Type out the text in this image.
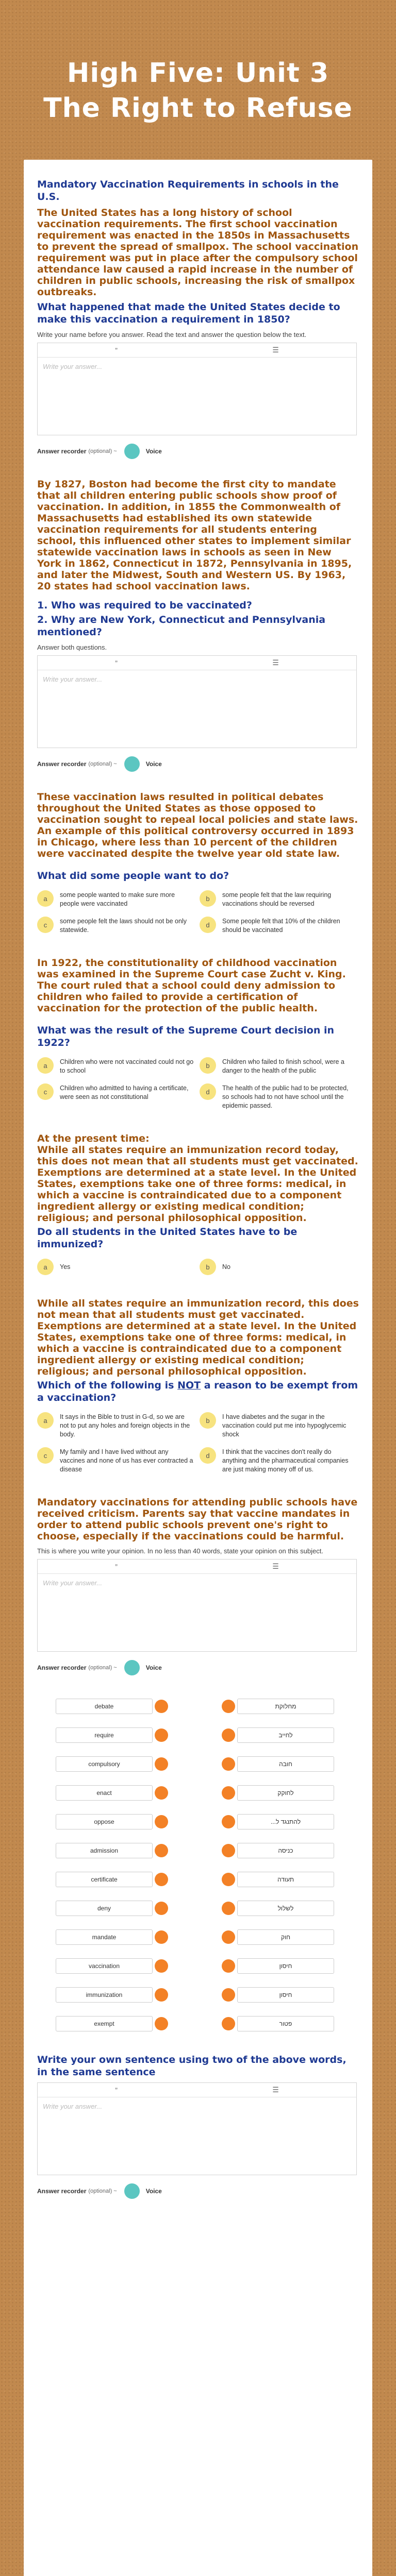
High Five: Unit 3
The Right to Refuse
Mandatory Vaccination Requirements in schools in the U.S.

The United States has a long history of school vaccination requirements. The first school vaccination requirement was enacted in the 1850s in Massachusetts to prevent the spread of smallpox. The school vaccination requirement was put in place after the compulsory school attendance law caused a rapid increase in the number of children in public schools, increasing the risk of smallpox outbreaks.

What happened that made the United States decide to make this vaccination a requirement in 1850?

Write your name before you answer. Read the text and answer the question below the text.

”	☰
Write your answer...
Answer recorder (optional) ~	Voice

By 1827, Boston had become the first city to mandate that all children entering public schools show proof of vaccination. In addition, in 1855 the Commonwealth of Massachusetts had established its own statewide vaccination requirements for all students entering school, this influenced other states to implement similar statewide vaccination laws in schools as seen in New York in 1862, Connecticut in 1872, Pennsylvania in 1895, and later the Midwest, South and Western US. By 1963, 20 states had school vaccination laws.

1. Who was required to be vaccinated?

2. Why are New York, Connecticut and Pennsylvania mentioned?

Answer both questions.

”	☰
Write your answer...
Answer recorder (optional) ~	Voice

These vaccination laws resulted in political debates throughout the United States as those opposed to vaccination sought to repeal local policies and state laws. An example of this political controversy occurred in 1893 in Chicago, where less than 10 percent of the children were vaccinated despite the twelve year old state law.

What did some people want to do?

a	some people wanted to make sure more people were vaccinated
b	some people felt that the law requiring vaccinations should be reversed
c	some people felt the laws should not be only statewide.
d	Some people felt that 10% of the children should be vaccinated

In 1922, the constitutionality of childhood vaccination was examined in the Supreme Court case Zucht v. King. The court ruled that a school could deny admission to children who failed to provide a certification of vaccination for the protection of the public health.

What was the result of the Supreme Court decision in 1922?

a	Children who were not vaccinated could not go to school
b	Children who failed to finish school, were a danger to the health of the public
c	Children who admitted to having a certificate, were seen as not constitutional
d	The health of the public had to be protected, so schools had to not have school until the epidemic passed.

At the present time:
While all states require an immunization record today, this does not mean that all students must get vaccinated. Exemptions are determined at a state level. In the United States, exemptions take one of three forms: medical, in which a vaccine is contraindicated due to a component ingredient allergy or existing medical condition; religious; and personal philosophical opposition.

Do all students in the United States have to be immunized?

a	Yes	b	No

While all states require an immunization record, this does not mean that all students must get vaccinated. Exemptions are determined at a state level. In the United States, exemptions take one of three forms: medical, in which a vaccine is contraindicated due to a component ingredient allergy or existing medical condition; religious; and personal philosophical opposition.

Which of the following is NOT a reason to be exempt from a vaccination?

a	It says in the Bible to trust in G-d, so we are not to put any holes and foreign objects in the body.
b	I have diabetes and the sugar in the vaccination could put me into hypoglycemic shock
c	My family and I have lived without any vaccines and none of us has ever contracted a disease
d	I think that the vaccines don't really do anything and the pharmaceutical companies are just making money off of us.

Mandatory vaccinations for attending public schools have received criticism. Parents say that vaccine mandates in order to attend public schools prevent one's right to choose, especially if the vaccinations could be harmful.

This is where you write your opinion. In no less than 40 words, state your opinion on this subject.

”	☰
Write your answer...
Answer recorder (optional) ~	Voice
debate	מחלוקת
require	לחייב
compulsory	חובה
enact	לחוקק
oppose	להתנגד ל...
admission	כניסה
certificate	תעודה
deny	לשלול
mandate	חוק
vaccination	חיסון
immunization	חיסון
exempt	פטור

Write your own sentence using two of the above words, in the same sentence

”	☰
Write your answer...
Answer recorder (optional) ~	Voice
